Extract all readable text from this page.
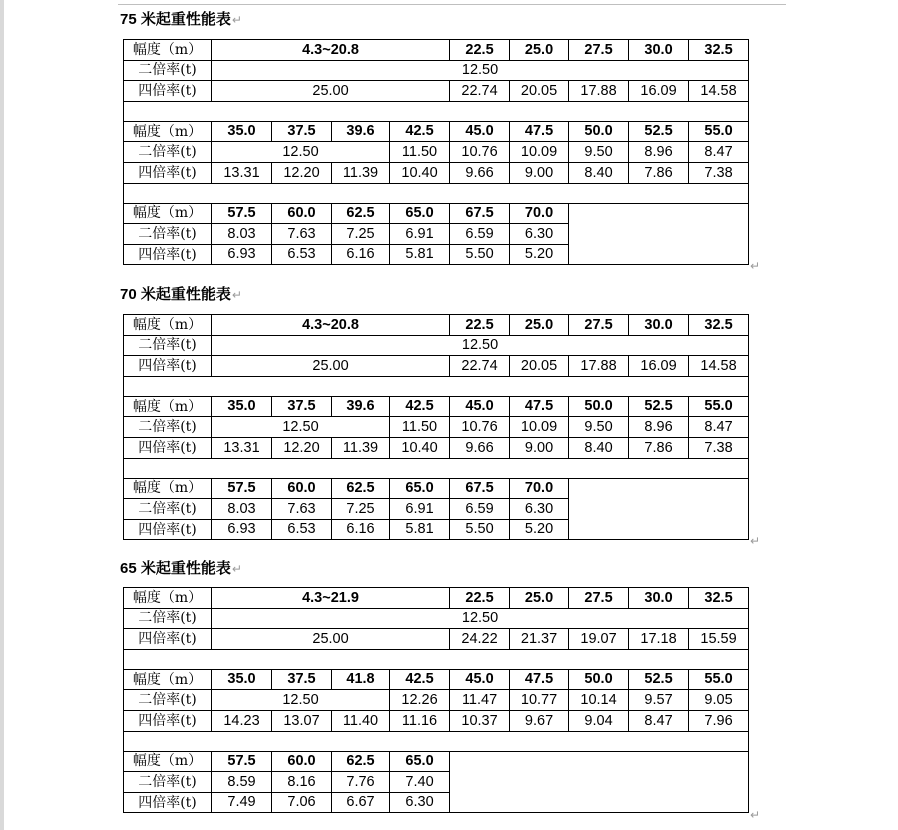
75 米起重性能表↵
幅度（m）	4.3~20.8				22.5	25.0	27.5	30.0	32.5
二倍率(t)	12.50								
四倍率(t)	25.00				22.74	20.05	17.88	16.09	14.58

幅度（m）	35.0	37.5	39.6	42.5	45.0	47.5	50.0	52.5	55.0
二倍率(t)	12.50			11.50	10.76	10.09	9.50	8.96	8.47
四倍率(t)	13.31	12.20	11.39	10.40	9.66	9.00	8.40	7.86	7.38

幅度（m）	57.5	60.0	62.5	65.0	67.5	70.0			
二倍率(t)	8.03	7.63	7.25	6.91	6.59	6.30			
四倍率(t)	6.93	6.53	6.16	5.81	5.50	5.20			
↵
70 米起重性能表↵
幅度（m）	4.3~20.8				22.5	25.0	27.5	30.0	32.5
二倍率(t)	12.50								
四倍率(t)	25.00				22.74	20.05	17.88	16.09	14.58

幅度（m）	35.0	37.5	39.6	42.5	45.0	47.5	50.0	52.5	55.0
二倍率(t)	12.50			11.50	10.76	10.09	9.50	8.96	8.47
四倍率(t)	13.31	12.20	11.39	10.40	9.66	9.00	8.40	7.86	7.38

幅度（m）	57.5	60.0	62.5	65.0	67.5	70.0			
二倍率(t)	8.03	7.63	7.25	6.91	6.59	6.30			
四倍率(t)	6.93	6.53	6.16	5.81	5.50	5.20			
↵
65 米起重性能表↵
幅度（m）	4.3~21.9				22.5	25.0	27.5	30.0	32.5
二倍率(t)	12.50								
四倍率(t)	25.00				24.22	21.37	19.07	17.18	15.59

幅度（m）	35.0	37.5	41.8	42.5	45.0	47.5	50.0	52.5	55.0
二倍率(t)	12.50			12.26	11.47	10.77	10.14	9.57	9.05
四倍率(t)	14.23	13.07	11.40	11.16	10.37	9.67	9.04	8.47	7.96

幅度（m）	57.5	60.0	62.5	65.0					
二倍率(t)	8.59	8.16	7.76	7.40					
四倍率(t)	7.49	7.06	6.67	6.30					
↵
